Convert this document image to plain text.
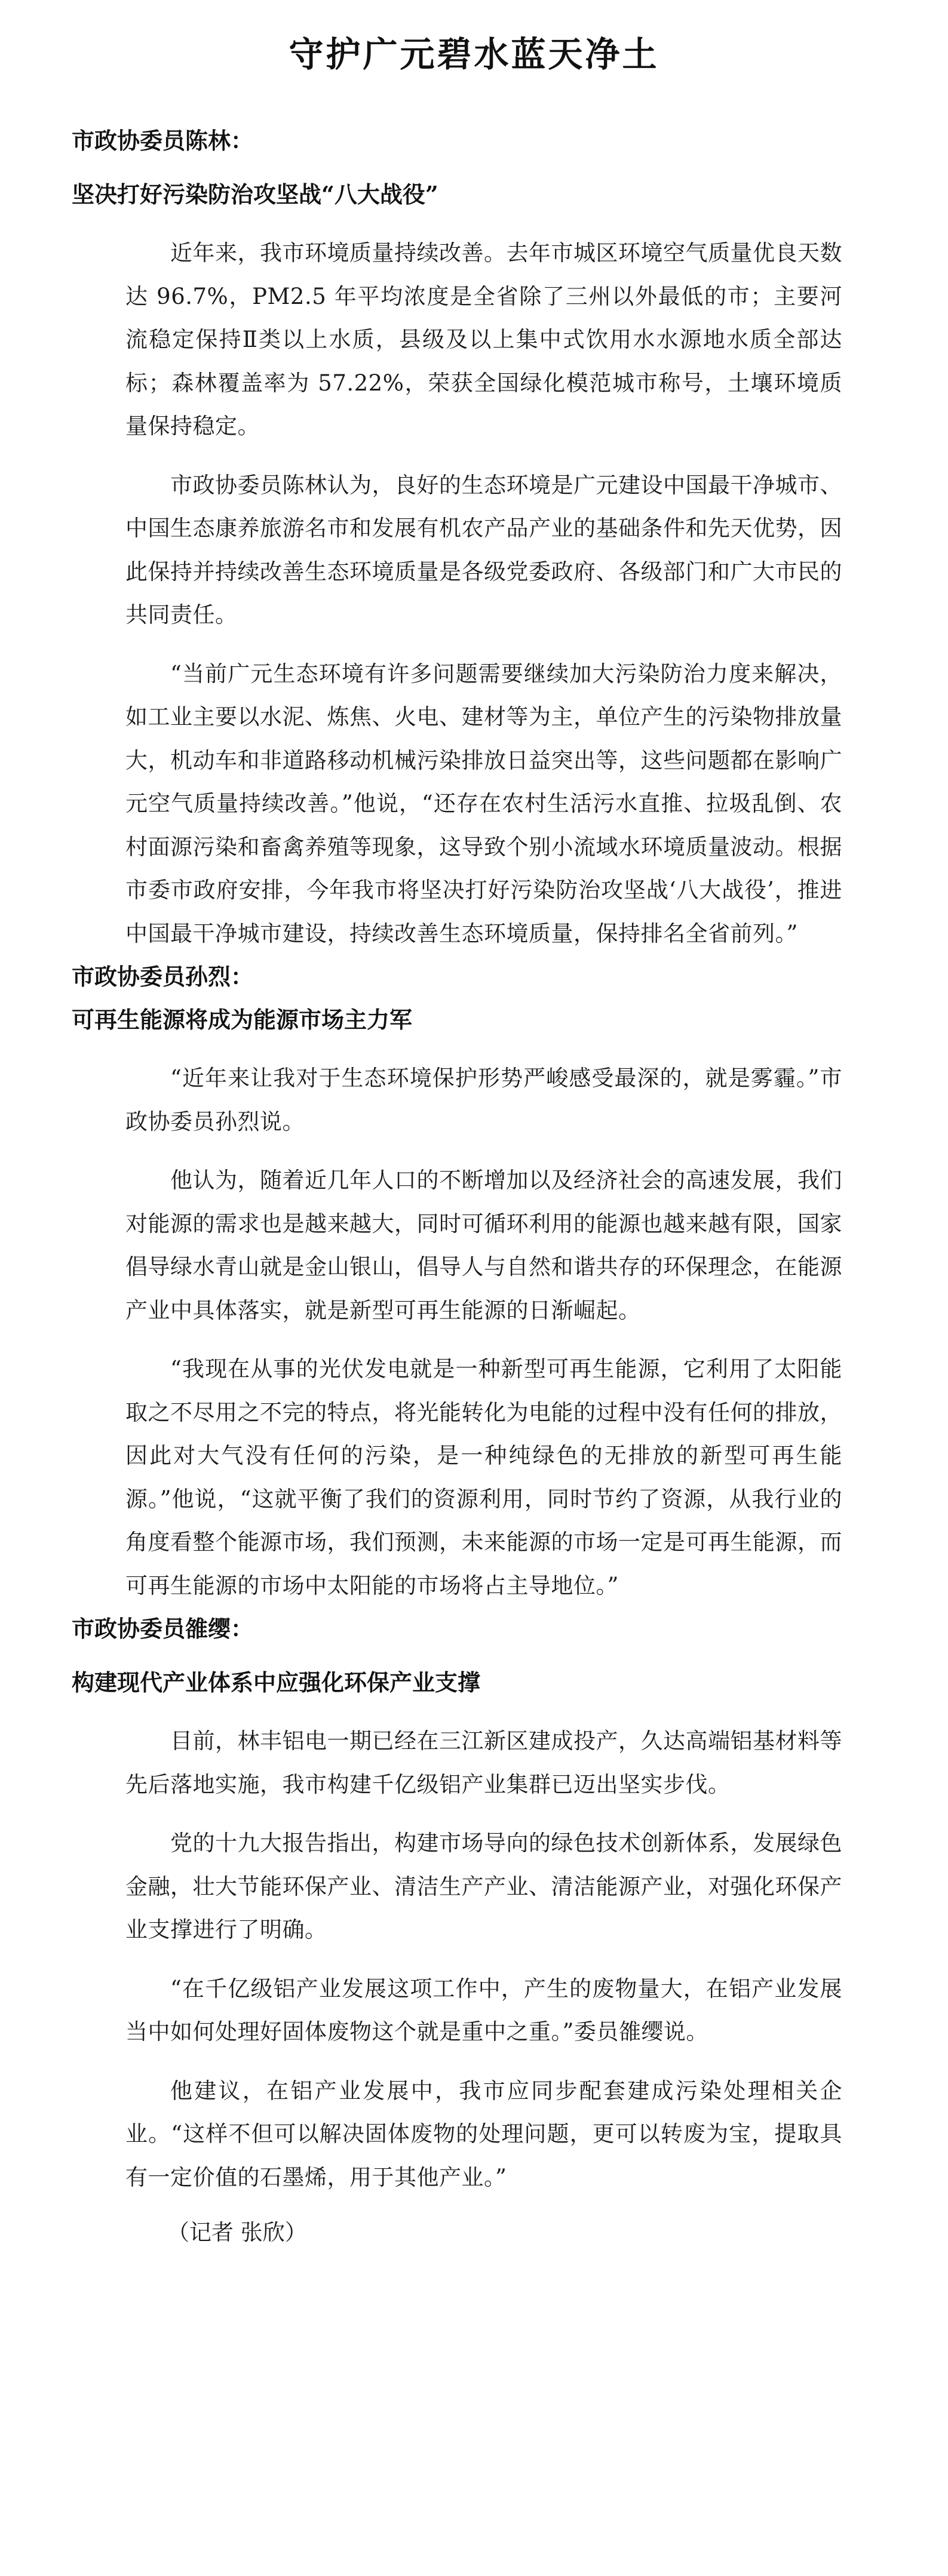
守护广元碧水蓝天净土

市政协委员陈林：

坚决打好污染防治攻坚战“八大战役”

近年来，我市环境质量持续改善。去年市城区环境空气质量优良天数达 96.7%，PM2.5 年平均浓度是全省除了三州以外最低的市；主要河流稳定保持Ⅱ类以上水质，县级及以上集中式饮用水水源地水质全部达标；森林覆盖率为 57.22%，荣获全国绿化模范城市称号，土壤环境质量保持稳定。

市政协委员陈林认为，良好的生态环境是广元建设中国最干净城市、中国生态康养旅游名市和发展有机农产品产业的基础条件和先天优势，因此保持并持续改善生态环境质量是各级党委政府、各级部门和广大市民的共同责任。

“当前广元生态环境有许多问题需要继续加大污染防治力度来解决，如工业主要以水泥、炼焦、火电、建材等为主，单位产生的污染物排放量大，机动车和非道路移动机械污染排放日益突出等，这些问题都在影响广元空气质量持续改善。”他说，“还存在农村生活污水直推、拉圾乱倒、农村面源污染和畜禽养殖等现象，这导致个别小流域水环境质量波动。根据市委市政府安排，今年我市将坚决打好污染防治攻坚战‘八大战役’，推进中国最干净城市建设，持续改善生态环境质量，保持排名全省前列。”

市政协委员孙烈：

可再生能源将成为能源市场主力军

“近年来让我对于生态环境保护形势严峻感受最深的，就是雾霾。”市政协委员孙烈说。

他认为，随着近几年人口的不断增加以及经济社会的高速发展，我们对能源的需求也是越来越大，同时可循环利用的能源也越来越有限，国家倡导绿水青山就是金山银山，倡导人与自然和谐共存的环保理念，在能源产业中具体落实，就是新型可再生能源的日渐崛起。

“我现在从事的光伏发电就是一种新型可再生能源，它利用了太阳能取之不尽用之不完的特点，将光能转化为电能的过程中没有任何的排放，因此对大气没有任何的污染，是一种纯绿色的无排放的新型可再生能源。”他说，“这就平衡了我们的资源利用，同时节约了资源，从我行业的角度看整个能源市场，我们预测，未来能源的市场一定是可再生能源，而可再生能源的市场中太阳能的市场将占主导地位。”

市政协委员雒缨：

构建现代产业体系中应强化环保产业支撑

目前，林丰铝电一期已经在三江新区建成投产，久达高端铝基材料等先后落地实施，我市构建千亿级铝产业集群已迈出坚实步伐。

党的十九大报告指出，构建市场导向的绿色技术创新体系，发展绿色金融，壮大节能环保产业、清洁生产产业、清洁能源产业，对强化环保产业支撑进行了明确。

“在千亿级铝产业发展这项工作中，产生的废物量大，在铝产业发展当中如何处理好固体废物这个就是重中之重。”委员雒缨说。

他建议，在铝产业发展中，我市应同步配套建成污染处理相关企业。“这样不但可以解决固体废物的处理问题，更可以转废为宝，提取具有一定价值的石墨烯，用于其他产业。”

（记者 张欣）
